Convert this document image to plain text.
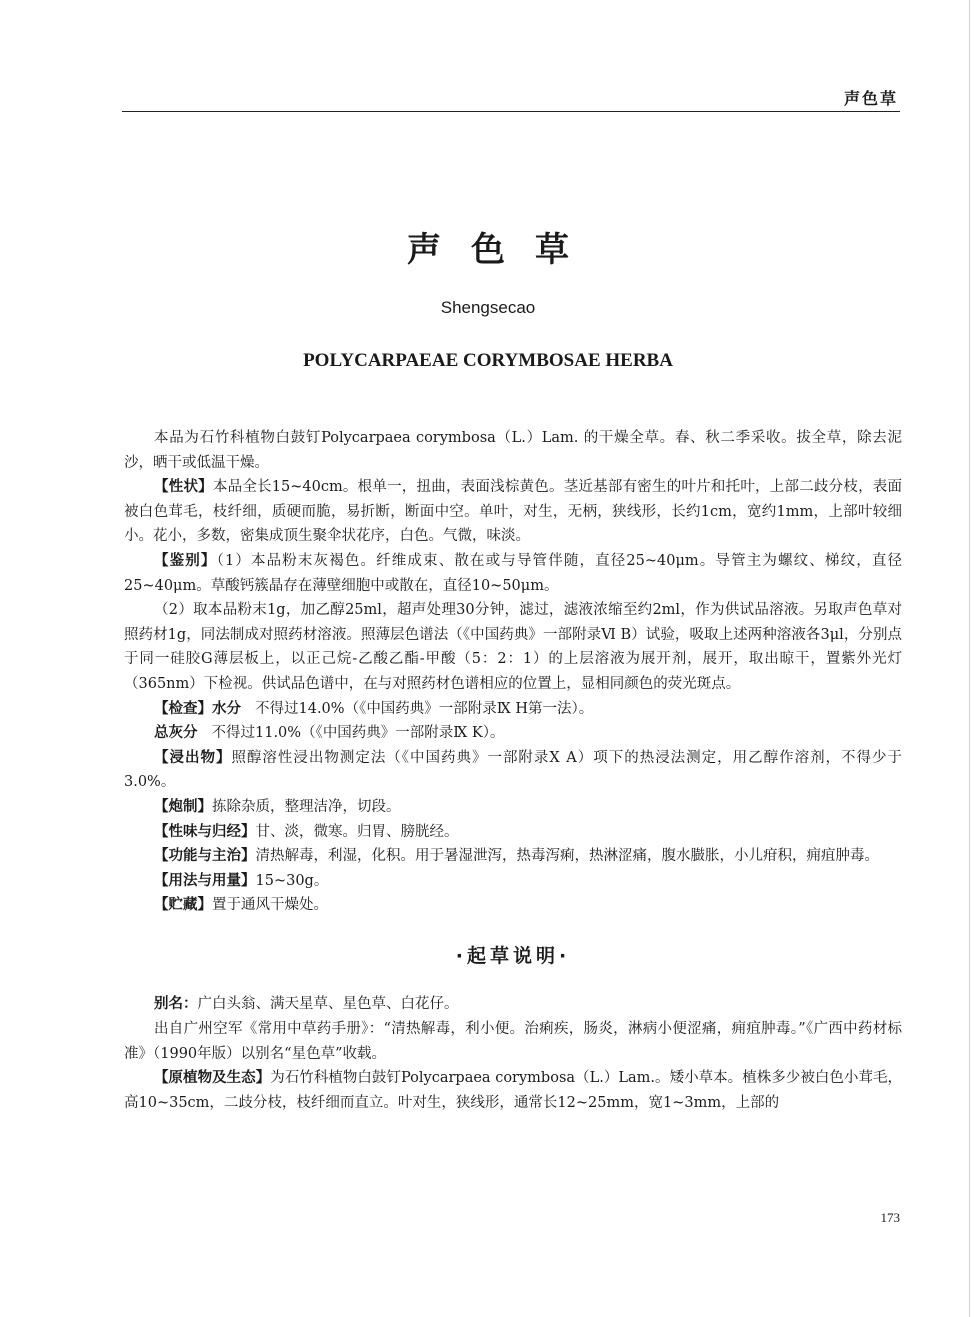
声色草
声色草
Shengsecao
POLYCARPAEAE CORYMBOSAE HERBA

本品为石竹科植物白鼓钉Polycarpaea corymbosa（L.）Lam. 的干燥全草。春、秋二季采收。拔全草，除去泥沙，晒干或低温干燥。

【性状】本品全长15~40cm。根单一，扭曲，表面浅棕黄色。茎近基部有密生的叶片和托叶，上部二歧分枝，表面被白色茸毛，枝纤细，质硬而脆，易折断，断面中空。单叶，对生，无柄，狭线形，长约1cm，宽约1mm，上部叶较细小。花小，多数，密集成顶生聚伞状花序，白色。气微，味淡。

【鉴别】（1）本品粉末灰褐色。纤维成束、散在或与导管伴随，直径25~40μm。导管主为螺纹、梯纹，直径25~40μm。草酸钙簇晶存在薄壁细胞中或散在，直径10~50μm。

（2）取本品粉末1g，加乙醇25ml，超声处理30分钟，滤过，滤液浓缩至约2ml，作为供试品溶液。另取声色草对照药材1g，同法制成对照药材溶液。照薄层色谱法（《中国药典》一部附录Ⅵ B）试验，吸取上述两种溶液各3μl，分别点于同一硅胶G薄层板上，以正己烷-乙酸乙酯-甲酸（5：2：1）的上层溶液为展开剂，展开，取出晾干，置紫外光灯（365nm）下检视。供试品色谱中，在与对照药材色谱相应的位置上，显相同颜色的荧光斑点。

【检查】水分 不得过14.0%（《中国药典》一部附录Ⅸ H第一法）。

总灰分 不得过11.0%（《中国药典》一部附录Ⅸ K）。

【浸出物】照醇溶性浸出物测定法（《中国药典》一部附录Ⅹ A）项下的热浸法测定，用乙醇作溶剂，不得少于3.0%。

【炮制】拣除杂质，整理洁净，切段。

【性味与归经】甘、淡，微寒。归胃、膀胱经。

【功能与主治】清热解毒，利湿，化积。用于暑湿泄泻，热毒泻痢，热淋涩痛，腹水臌胀，小儿疳积，痈疽肿毒。

【用法与用量】15~30g。

【贮藏】置于通风干燥处。

·起草说明·

别名：广白头翁、满天星草、星色草、白花仔。

出自广州空军《常用中草药手册》：“清热解毒，利小便。治痢疾，肠炎，淋病小便涩痛，痈疽肿毒。”《广西中药材标准》（1990年版）以别名“星色草”收载。

【原植物及生态】为石竹科植物白鼓钉Polycarpaea corymbosa（L.）Lam.。矮小草本。植株多少被白色小茸毛，高10~35cm，二歧分枝，枝纤细而直立。叶对生，狭线形，通常长12~25mm，宽1~3mm，上部的

173
